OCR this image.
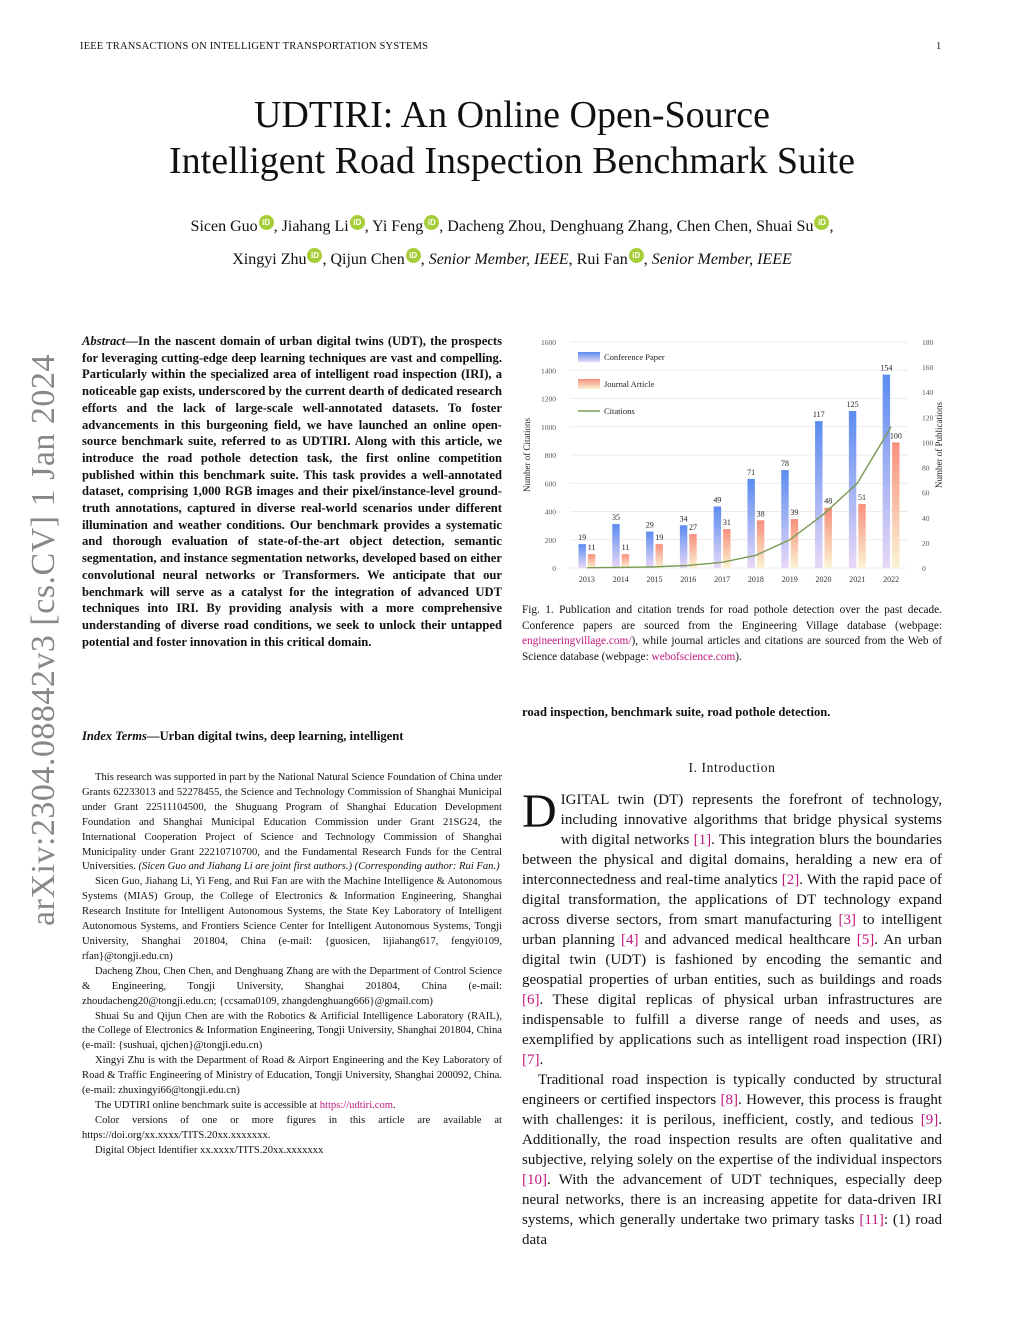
IEEE TRANSACTIONS ON INTELLIGENT TRANSPORTATION SYSTEMS	1
UDTIRI: An Online Open-Source
Intelligent Road Inspection Benchmark Suite
Sicen Guo iD , Jiahang Li iD , Yi Feng iD , Dacheng Zhou, Denghuang Zhang, Chen Chen, Shuai Su iD ,
Xingyi Zhu iD , Qijun Chen iD , Senior Member, IEEE, Rui Fan iD , Senior Member, IEEE
arXiv:2304.08842v3 [cs.CV] 1 Jan 2024
Abstract—In the nascent domain of urban digital twins (UDT), the prospects for leveraging cutting-edge deep learning techniques are vast and compelling. Particularly within the specialized area of intelligent road inspection (IRI), a noticeable gap exists, underscored by the current dearth of dedicated research efforts and the lack of large-scale well-annotated datasets. To foster advancements in this burgeoning field, we have launched an online open-source benchmark suite, referred to as UDTIRI. Along with this article, we introduce the road pothole detection task, the first online competition published within this benchmark suite. This task provides a well-annotated dataset, comprising 1,000 RGB images and their pixel/instance-level ground-truth annotations, captured in diverse real-world scenarios under different illumination and weather conditions. Our benchmark provides a systematic and thorough evaluation of state-of-the-art object detection, semantic segmentation, and instance segmentation networks, developed based on either convolutional neural networks or Transformers. We anticipate that our benchmark will serve as a catalyst for the integration of advanced UDT techniques into IRI. By providing analysis with a more comprehensive understanding of diverse road conditions, we seek to unlock their untapped potential and foster innovation in this critical domain.
Index Terms—Urban digital twins, deep learning, intelligent

This research was supported in part by the National Natural Science Foundation of China under Grants 62233013 and 52278455, the Science and Technology Commission of Shanghai Municipal under Grant 22511104500, the Shuguang Program of Shanghai Education Development Foundation and Shanghai Municipal Education Commission under Grant 21SG24, the International Cooperation Project of Science and Technology Commission of Shanghai Municipality under Grant 22210710700, and the Fundamental Research Funds for the Central Universities. (Sicen Guo and Jiahang Li are joint first authors.) (Corresponding author: Rui Fan.)

Sicen Guo, Jiahang Li, Yi Feng, and Rui Fan are with the Machine Intelligence & Autonomous Systems (MIAS) Group, the College of Electronics & Information Engineering, Shanghai Research Institute for Intelligent Autonomous Systems, the State Key Laboratory of Intelligent Autonomous Systems, and Frontiers Science Center for Intelligent Autonomous Systems, Tongji University, Shanghai 201804, China (e-mail: {guosicen, lijiahang617, fengyi0109, rfan}@tongji.edu.cn)

Dacheng Zhou, Chen Chen, and Denghuang Zhang are with the Department of Control Science & Engineering, Tongji University, Shanghai 201804, China (e-mail: zhoudacheng20@tongji.edu.cn; {ccsama0109, zhangdenghuang666}@gmail.com)

Shuai Su and Qijun Chen are with the Robotics & Artificial Intelligence Laboratory (RAIL), the College of Electronics & Information Engineering, Tongji University, Shanghai 201804, China (e-mail: {sushuai, qjchen}@tongji.edu.cn)

Xingyi Zhu is with the Department of Road & Airport Engineering and the Key Laboratory of Road & Traffic Engineering of Ministry of Education, Tongji University, Shanghai 200092, China. (e-mail: zhuxingyi66@tongji.edu.cn)

The UDTIRI online benchmark suite is accessible at https://udtiri.com.

Color versions of one or more figures in this article are available at https://doi.org/xx.xxxx/TITS.20xx.xxxxxxx.

Digital Object Identifier xx.xxxx/TITS.20xx.xxxxxxx

0
200
400
600
800
1000
1200
1400
1600
0
20
40
60
80
100
120
140
160
180
Number of Citations	Number of Publications
19
11
2013
35
11
2014
29
19
2015
34
27
2016
49
31
2017
71
38
2018
78
39
2019
117
48
2020
125
51
2021
154
100
2022
Conference Paper
Journal Article
Citations
Fig. 1. Publication and citation trends for road pothole detection over the past decade. Conference papers are sourced from the Engineering Village database (webpage: engineeringvillage.com/), while journal articles and citations are sourced from the Web of Science database (webpage: webofscience.com).
road inspection, benchmark suite, road pothole detection.
I. Introduction

DIGITAL twin (DT) represents the forefront of technology, including innovative algorithms that bridge physical systems with digital networks [1]. This integration blurs the boundaries between the physical and digital domains, heralding a new era of interconnectedness and real-time analytics [2]. With the rapid pace of digital transformation, the applications of DT technology expand across diverse sectors, from smart manufacturing [3] to intelligent urban planning [4] and advanced medical healthcare [5]. An urban digital twin (UDT) is fashioned by encoding the semantic and geospatial properties of urban entities, such as buildings and roads [6]. These digital replicas of physical urban infrastructures are indispensable to fulfill a diverse range of needs and uses, as exemplified by applications such as intelligent road inspection (IRI) [7].

Traditional road inspection is typically conducted by structural engineers or certified inspectors [8]. However, this process is fraught with challenges: it is perilous, inefficient, costly, and tedious [9]. Additionally, the road inspection results are often qualitative and subjective, relying solely on the expertise of the individual inspectors [10]. With the advancement of UDT techniques, especially deep neural networks, there is an increasing appetite for data-driven IRI systems, which generally undertake two primary tasks [11]: (1) road data
